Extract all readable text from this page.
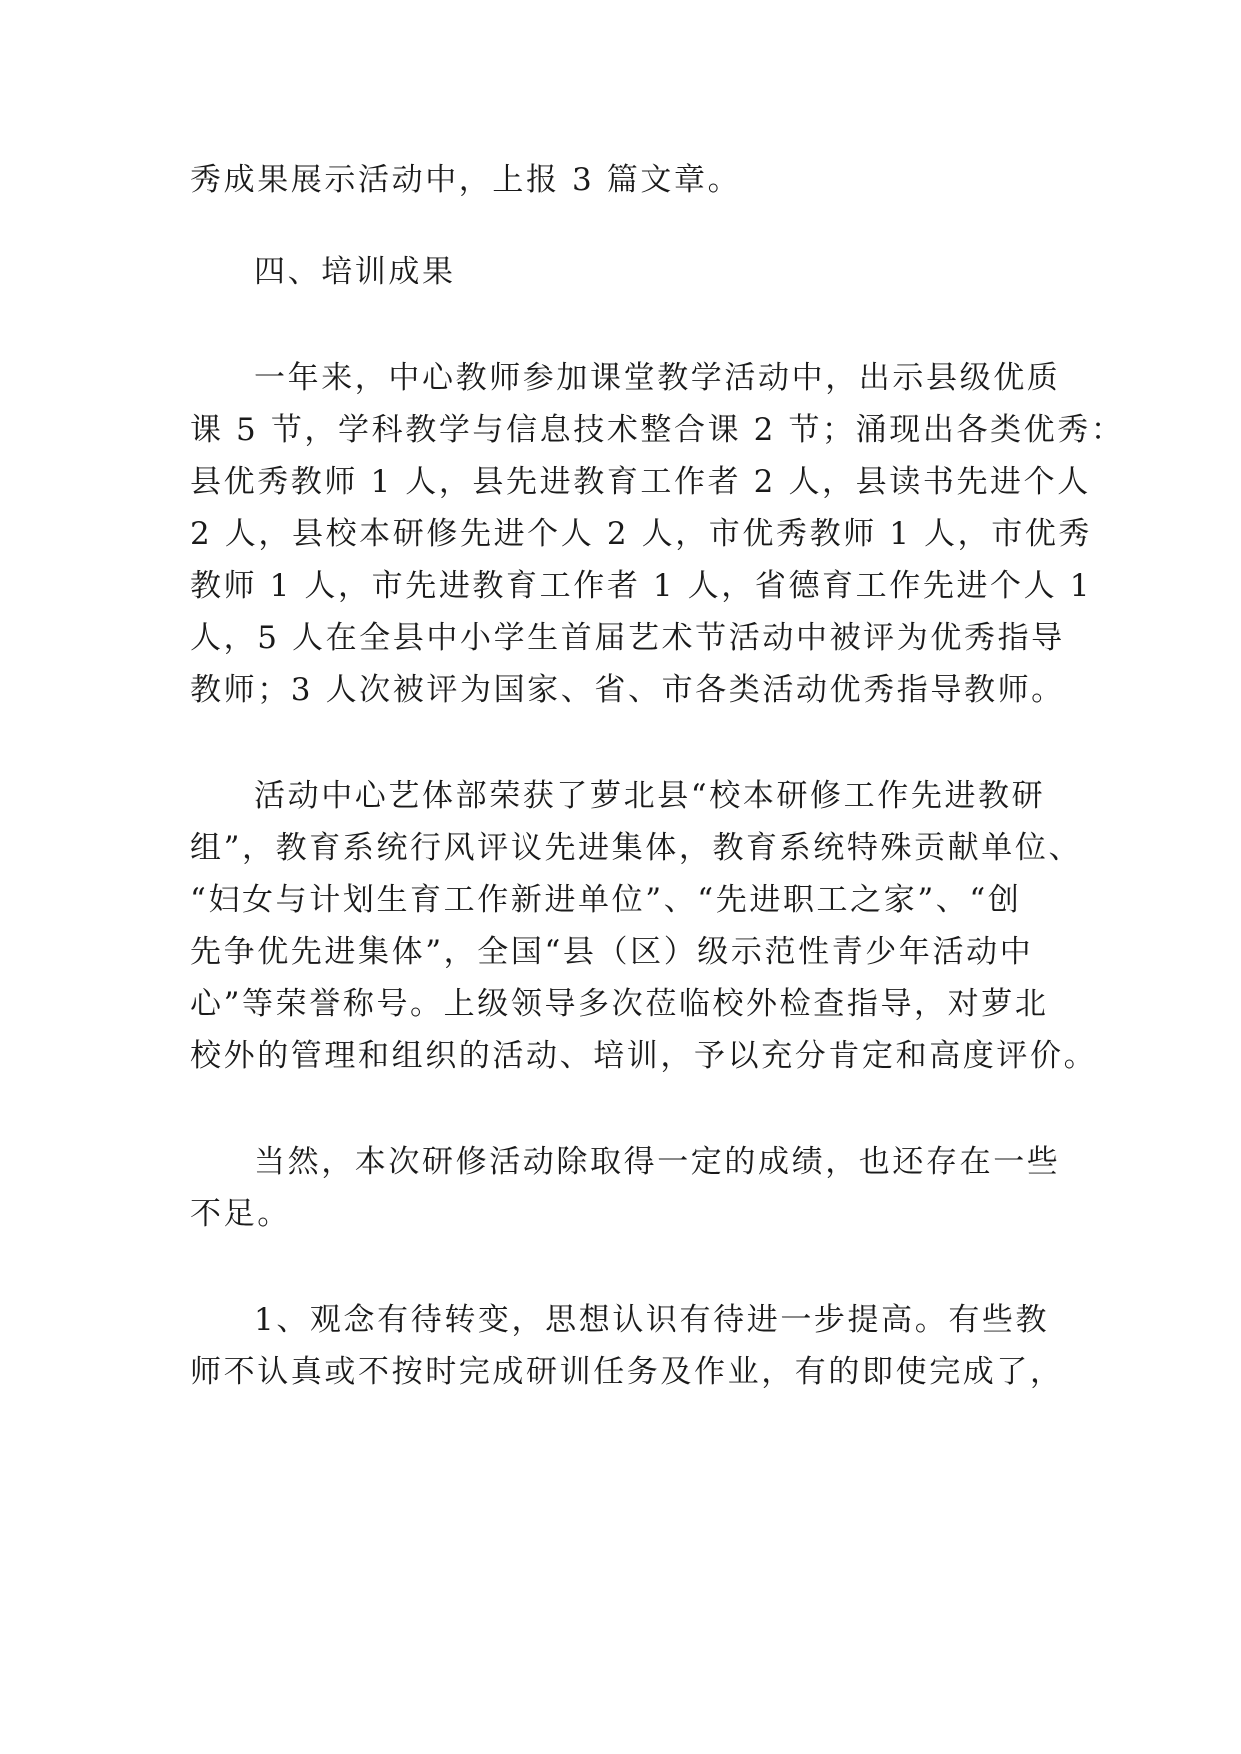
秀成果展示活动中，上报 3 篇文章。
四、培训成果
一年来，中心教师参加课堂教学活动中，出示县级优质
课 5 节，学科教学与信息技术整合课 2 节；涌现出各类优秀：
县优秀教师 1 人，县先进教育工作者 2 人，县读书先进个人
2 人，县校本研修先进个人 2 人，市优秀教师 1 人，市优秀
教师 1 人，市先进教育工作者 1 人，省德育工作先进个人 1
人，5 人在全县中小学生首届艺术节活动中被评为优秀指导
教师；3 人次被评为国家、省、市各类活动优秀指导教师。
活动中心艺体部荣获了萝北县“校本研修工作先进教研
组”，教育系统行风评议先进集体，教育系统特殊贡献单位、
“妇女与计划生育工作新进单位”、“先进职工之家”、“创
先争优先进集体”，全国“县（区）级示范性青少年活动中
心”等荣誉称号。上级领导多次莅临校外检查指导，对萝北
校外的管理和组织的活动、培训，予以充分肯定和高度评价。
当然，本次研修活动除取得一定的成绩，也还存在一些
不足。
1、观念有待转变，思想认识有待进一步提高。有些教
师不认真或不按时完成研训任务及作业，有的即使完成了，
